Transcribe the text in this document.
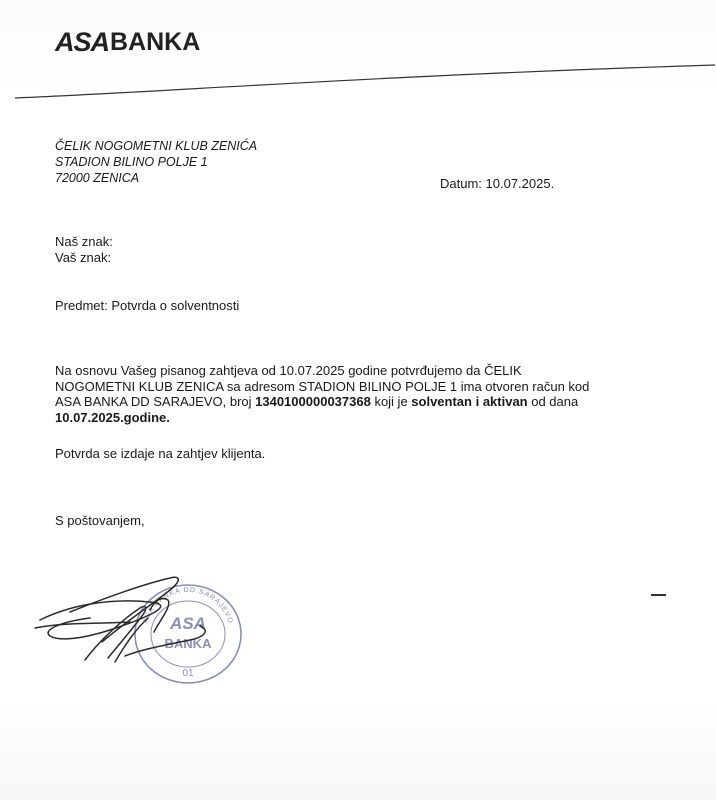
ASA BANKA
ČELIK NOGOMETNI KLUB ZENIĆA
STADION BILINO POLJE 1
72000 ZENICA	Datum: 10.07.2025.
Naš znak:
Vaš znak:
Predmet: Potvrda o solventnosti
Na osnovu Vašeg pisanog zahtjeva od 10.07.2025 godine potvrđujemo da ČELIK
NOGOMETNI KLUB ZENICA sa adresom STADION BILINO POLJE 1 ima otvoren račun kod
ASA BANKA DD SARAJEVO, broj 1340100000037368 koji je solventan i aktivan od dana
10.07.2025.godine.
Potvrda se izdaje na zahtjev klijenta.
S poštovanjem,
ASA BANKA DD SARAJEVO
ASA
BANKA
01
